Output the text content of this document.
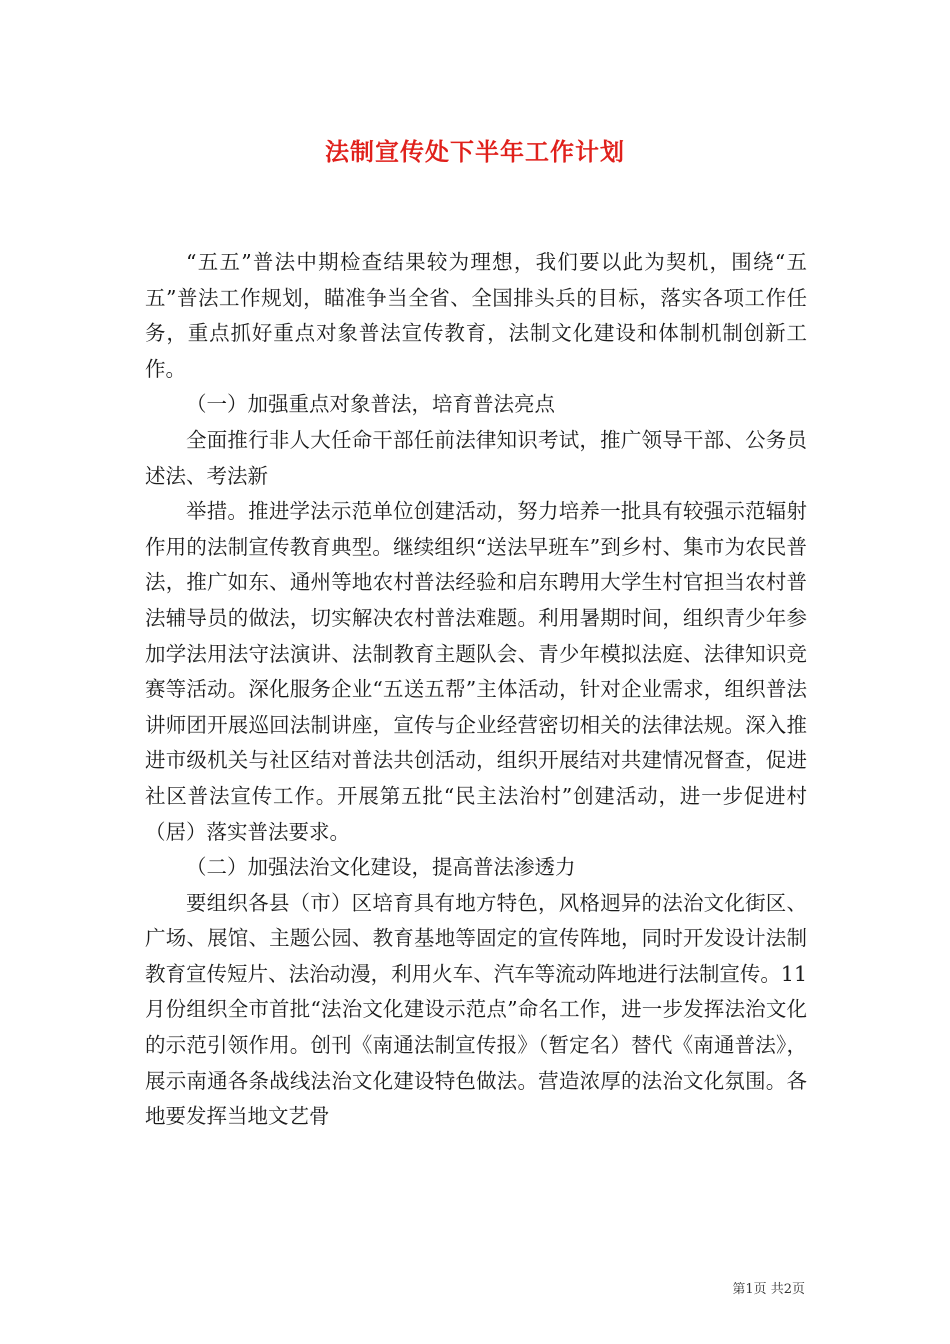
法制宣传处下半年工作计划

“五五”普法中期检查结果较为理想，我们要以此为契机，围绕“五五”普法工作规划，瞄准争当全省、全国排头兵的目标，落实各项工作任务，重点抓好重点对象普法宣传教育，法制文化建设和体制机制创新工作。

（一）加强重点对象普法，培育普法亮点

全面推行非人大任命干部任前法律知识考试，推广领导干部、公务员述法、考法新

举措。推进学法示范单位创建活动，努力培养一批具有较强示范辐射作用的法制宣传教育典型。继续组织“送法早班车”到乡村、集市为农民普法，推广如东、通州等地农村普法经验和启东聘用大学生村官担当农村普法辅导员的做法，切实解决农村普法难题。利用暑期时间，组织青少年参加学法用法守法演讲、法制教育主题队会、青少年模拟法庭、法律知识竞赛等活动。深化服务企业“五送五帮”主体活动，针对企业需求，组织普法讲师团开展巡回法制讲座，宣传与企业经营密切相关的法律法规。深入推进市级机关与社区结对普法共创活动，组织开展结对共建情况督查，促进社区普法宣传工作。开展第五批“民主法治村”创建活动，进一步促进村（居）落实普法要求。

（二）加强法治文化建设，提高普法渗透力

要组织各县（市）区培育具有地方特色，风格迥异的法治文化街区、广场、展馆、主题公园、教育基地等固定的宣传阵地，同时开发设计法制教育宣传短片、法治动漫，利用火车、汽车等流动阵地进行法制宣传。11月份组织全市首批“法治文化建设示范点”命名工作，进一步发挥法治文化的示范引领作用。创刊《南通法制宣传报》（暂定名）替代《南通普法》，展示南通各条战线法治文化建设特色做法。营造浓厚的法治文化氛围。各地要发挥当地文艺骨

第1页 共2页
